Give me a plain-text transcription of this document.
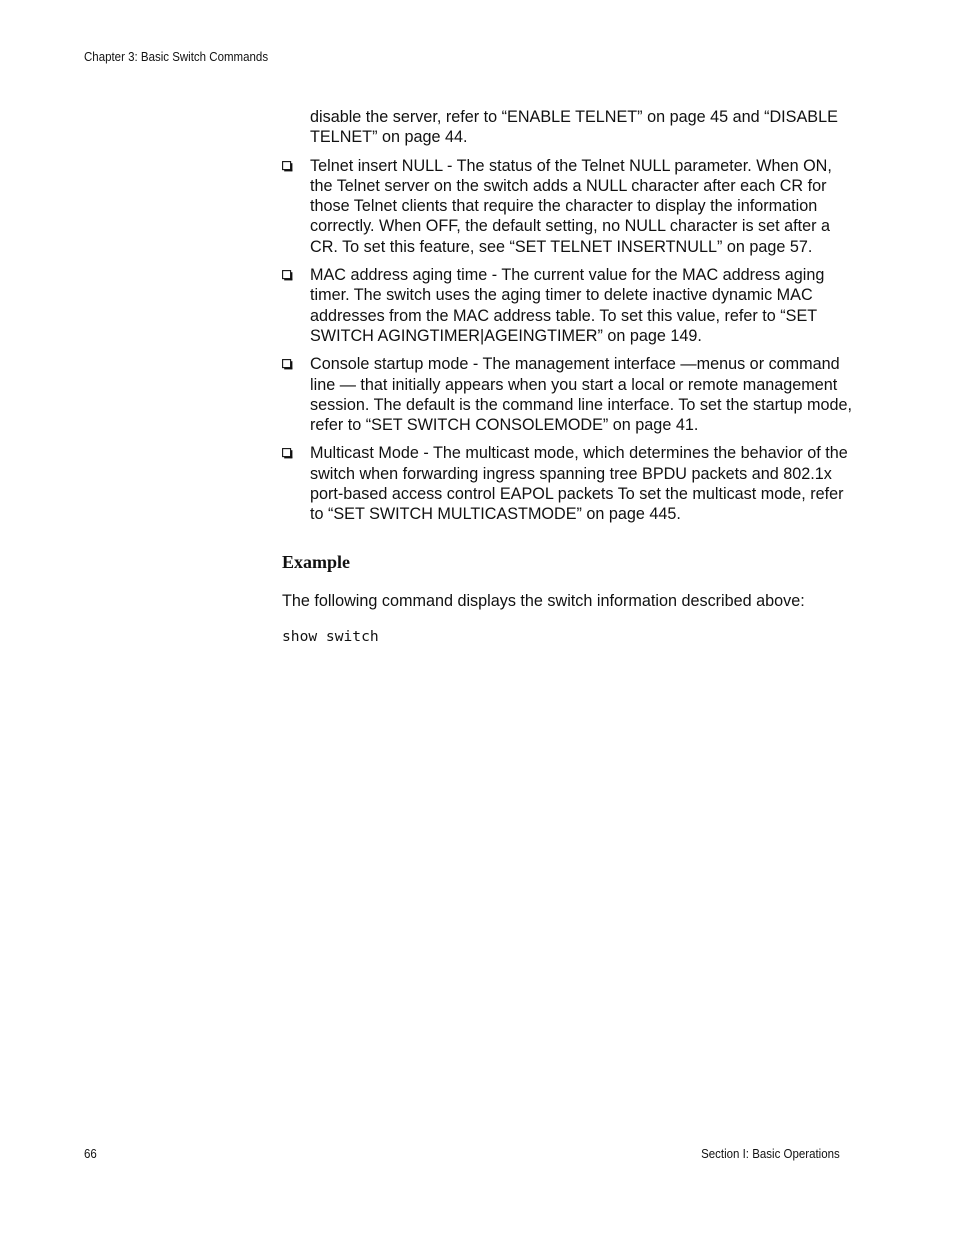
Chapter 3: Basic Switch Commands

disable the server, refer to “ENABLE TELNET” on page 45 and “DISABLE TELNET” on page 44.

Telnet insert NULL - The status of the Telnet NULL parameter. When ON, the Telnet server on the switch adds a NULL character after each CR for those Telnet clients that require the character to display the information correctly. When OFF, the default setting, no NULL character is set after a CR. To set this feature, see “SET TELNET INSERTNULL” on page 57.
MAC address aging time - The current value for the MAC address aging timer. The switch uses the aging timer to delete inactive dynamic MAC addresses from the MAC address table. To set this value, refer to “SET SWITCH AGINGTIMER|AGEINGTIMER” on page 149.
Console startup mode - The management interface —menus or command line — that initially appears when you start a local or remote management session. The default is the command line interface. To set the startup mode, refer to “SET SWITCH CONSOLEMODE” on page 41.
Multicast Mode - The multicast mode, which determines the behavior of the switch when forwarding ingress spanning tree BPDU packets and 802.1x port-based access control EAPOL packets To set the multicast mode, refer to “SET SWITCH MULTICASTMODE” on page 445.
Example

The following command displays the switch information described above:

show switch
66	Section I: Basic Operations
